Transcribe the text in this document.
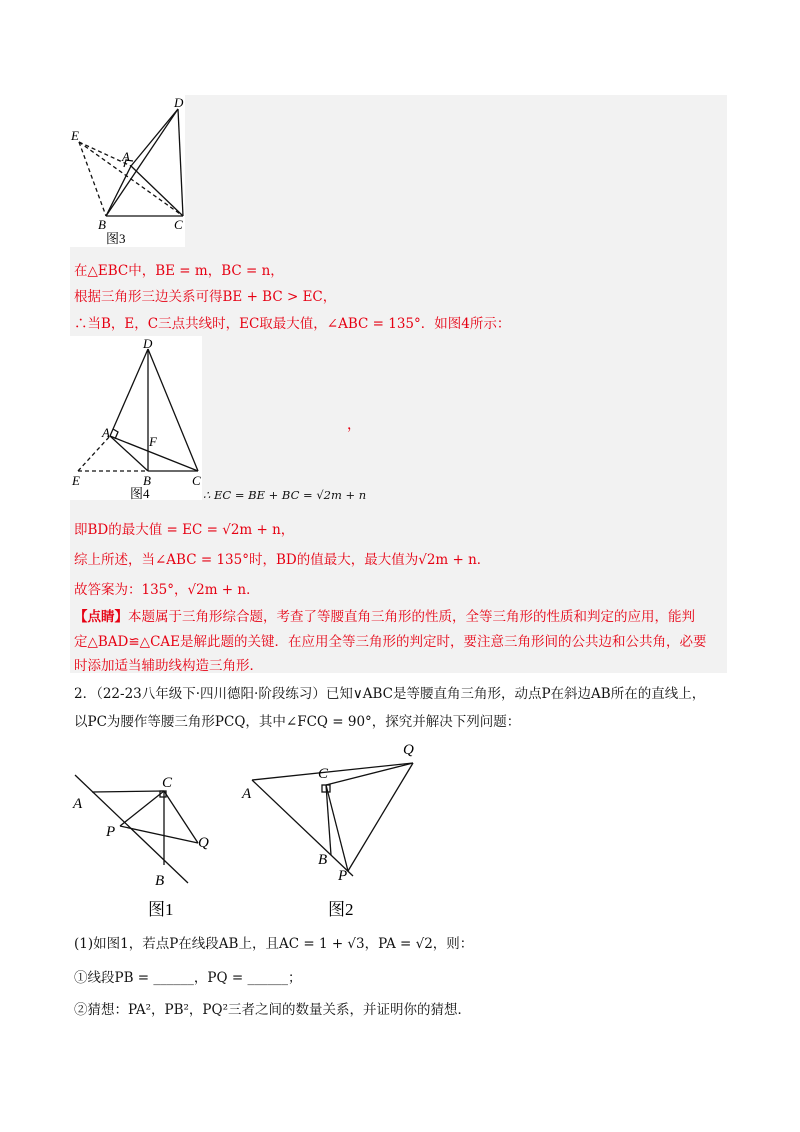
D
E
A
B	C
图3
在△EBC中，BE = m，BC = n，
根据三角形三边关系可得BE + BC > EC，
∴当B，E，C三点共线时，EC取最大值，∠ABC = 135°．如图4所示：
D
A
F
E	B	C
图4
，
∴ EC = BE + BC = √2m + n
即BD的最大值 = EC = √2m + n，
综上所述，当∠ABC = 135°时，BD的值最大，最大值为√2m + n．
故答案为：135°，√2m + n．
【点睛】本题属于三角形综合题，考查了等腰直角三角形的性质，全等三角形的性质和判定的应用，能判
定△BAD≌△CAE是解此题的关键．在应用全等三角形的判定时，要注意三角形间的公共边和公共角，必要
时添加适当辅助线构造三角形．
2．（22-23八年级下·四川德阳·阶段练习）已知∨ABC是等腰直角三角形，动点P在斜边AB所在的直线上，
以PC为腰作等腰三角形PCQ，其中∠FCQ = 90°，探究并解决下列问题：
A
C
P
Q
B
图1
A
C
Q
B
P
图2
(1)如图1，若点P在线段AB上，且AC = 1 + √3，PA = √2，则：
①线段PB = ______，PQ = ______；
②猜想：PA²，PB²，PQ²三者之间的数量关系，并证明你的猜想．
